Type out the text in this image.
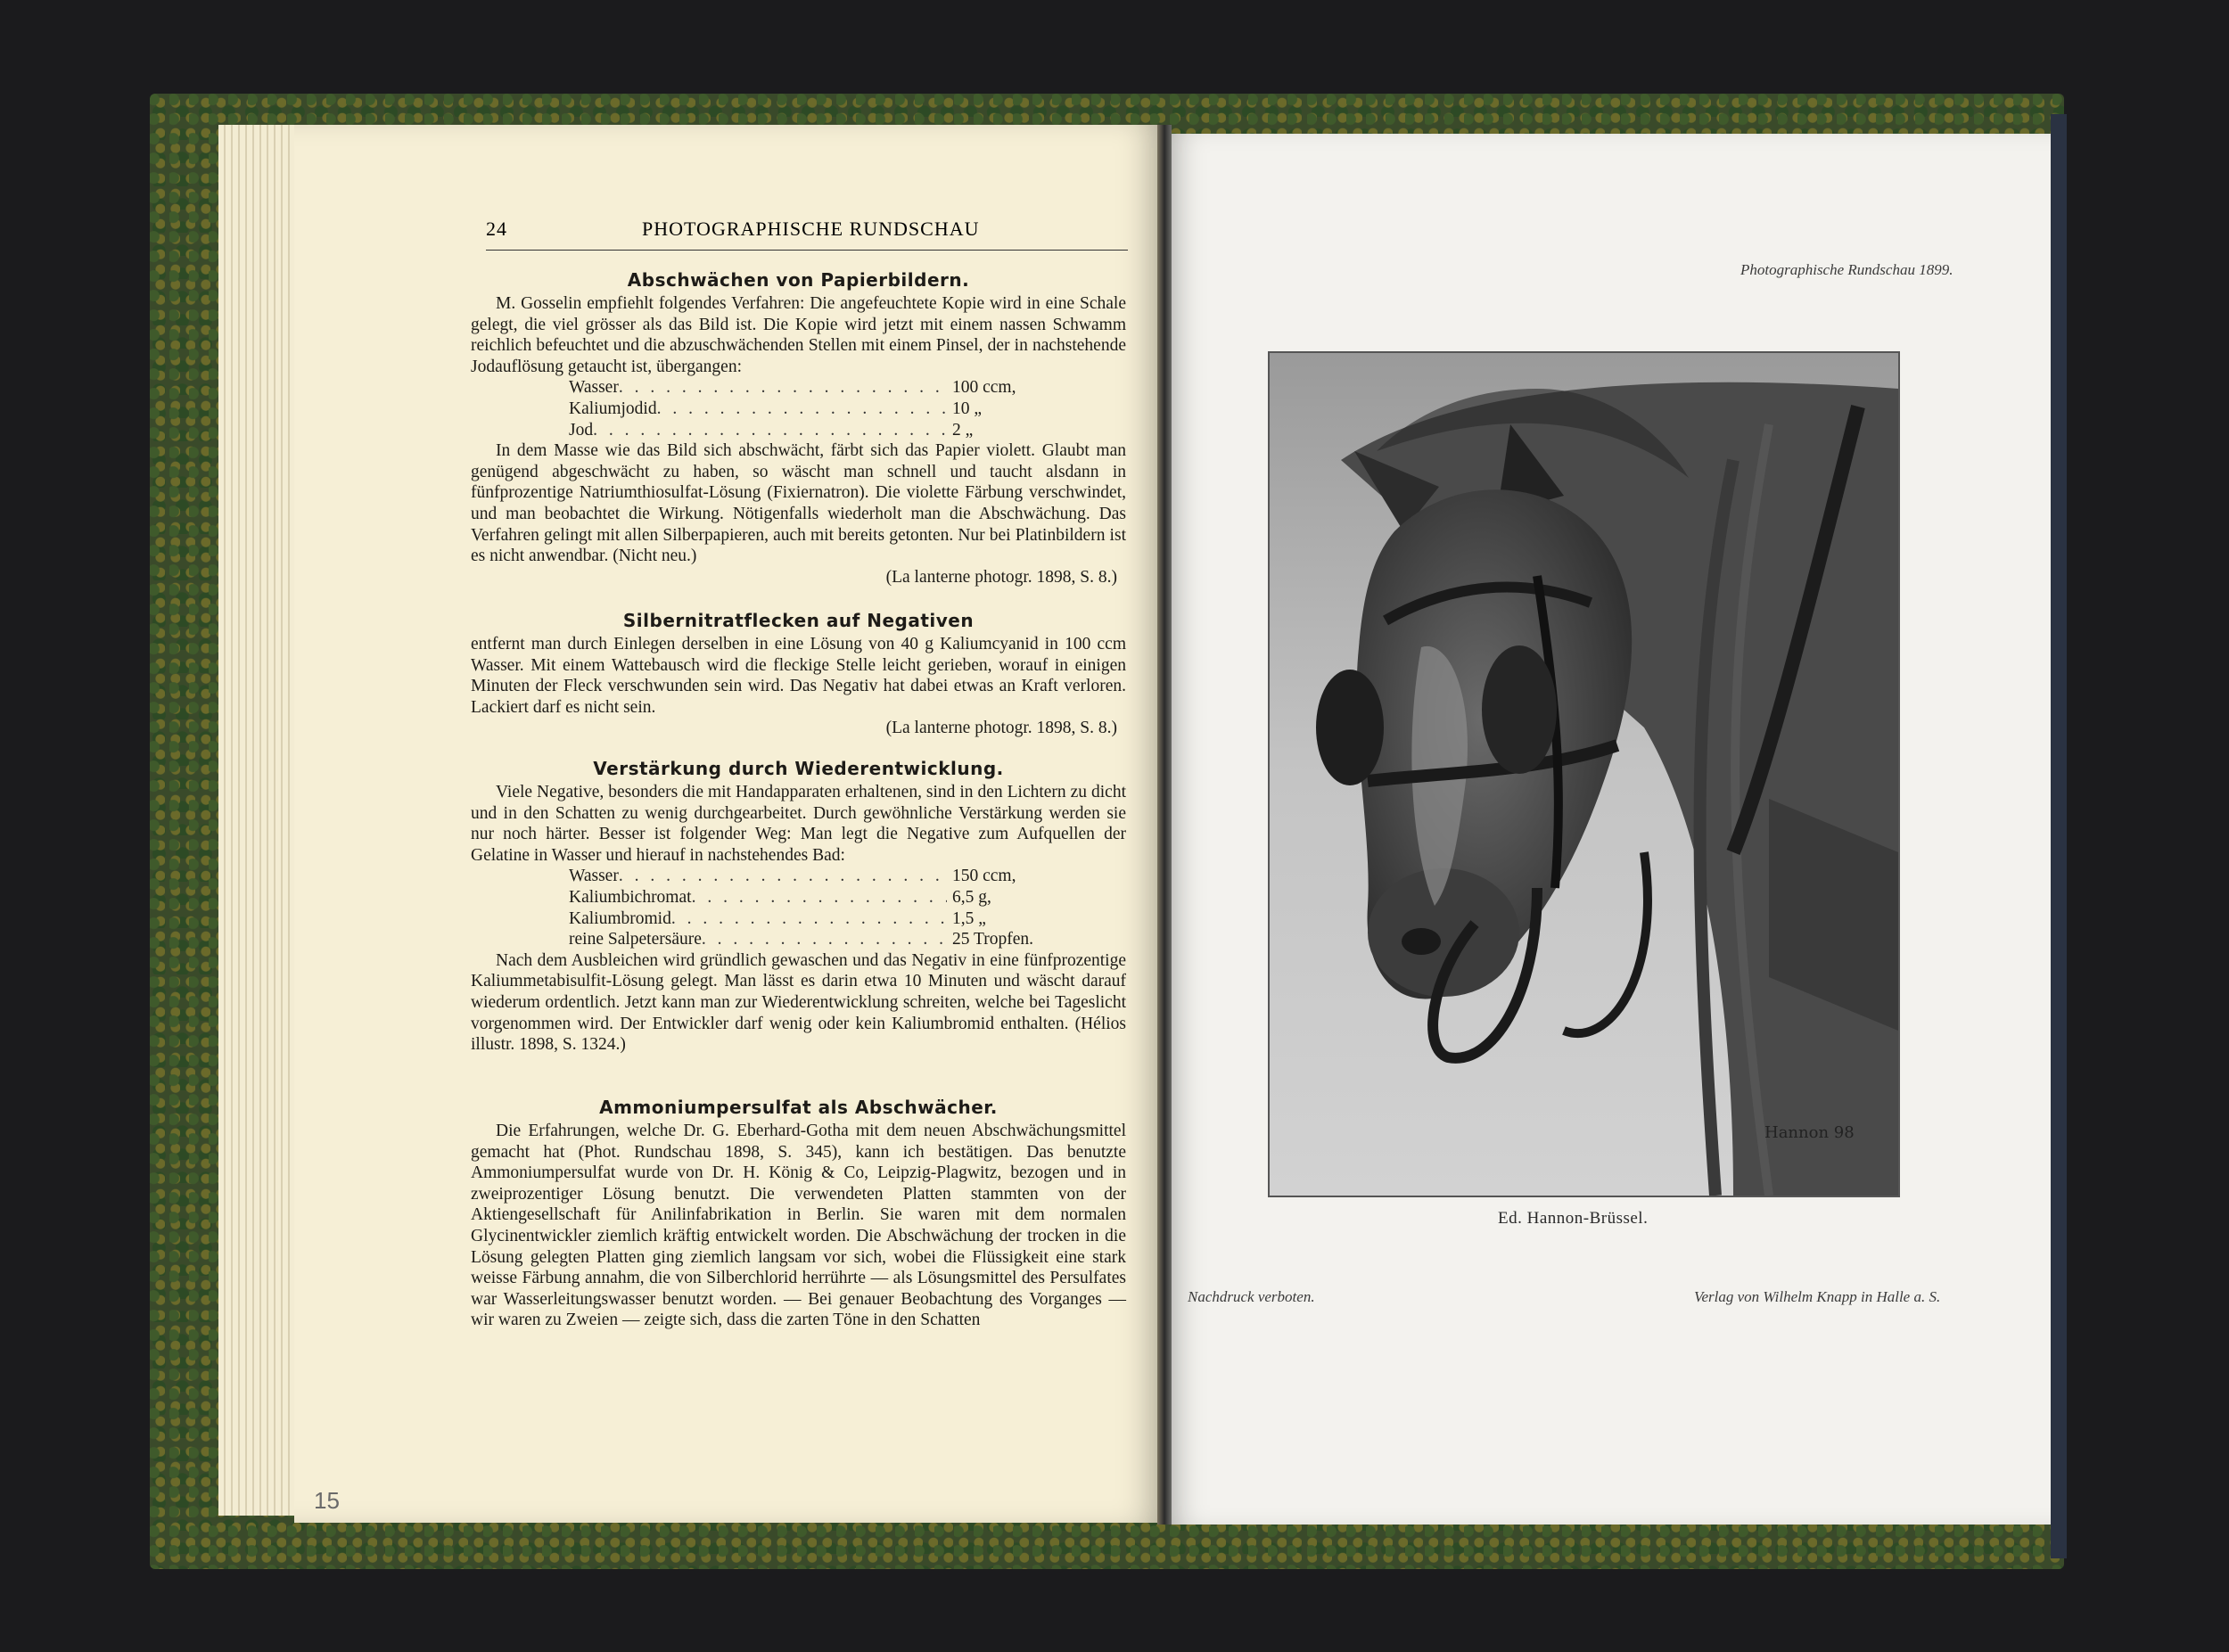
24	PHOTOGRAPHISCHE RUNDSCHAU
Abschwächen von Papierbildern.

M. Gosselin empfiehlt folgendes Verfahren: Die angefeuchtete Kopie wird in eine Schale gelegt, die viel grösser als das Bild ist. Die Kopie wird jetzt mit einem nassen Schwamm reichlich befeuchtet und die abzuschwächenden Stellen mit einem Pinsel, der in nachstehende Jodauflösung getaucht ist, übergangen:

Wasser . . .	100 ccm,
Kaliumjodid . . .	10 „
Jod . . .	2 „

In dem Masse wie das Bild sich abschwächt, färbt sich das Papier violett. Glaubt man genügend abgeschwächt zu haben, so wäscht man schnell und taucht alsdann in fünfprozentige Natriumthiosulfat-Lösung (Fixiernatron). Die violette Färbung verschwindet, und man beobachtet die Wirkung. Nötigenfalls wiederholt man die Abschwächung. Das Verfahren gelingt mit allen Silberpapieren, auch mit bereits getonten. Nur bei Platinbildern ist es nicht anwendbar. (Nicht neu.)

(La lanterne photogr. 1898, S. 8.)
Silbernitratflecken auf Negativen

entfernt man durch Einlegen derselben in eine Lösung von 40 g Kaliumcyanid in 100 ccm Wasser. Mit einem Wattebausch wird die fleckige Stelle leicht gerieben, worauf in einigen Minuten der Fleck verschwunden sein wird. Das Negativ hat dabei etwas an Kraft verloren. Lackiert darf es nicht sein.

(La lanterne photogr. 1898, S. 8.)
Verstärkung durch Wiederentwicklung.

Viele Negative, besonders die mit Handapparaten erhaltenen, sind in den Lichtern zu dicht und in den Schatten zu wenig durchgearbeitet. Durch gewöhnliche Verstärkung werden sie nur noch härter. Besser ist folgender Weg: Man legt die Negative zum Aufquellen der Gelatine in Wasser und hierauf in nachstehendes Bad:

Wasser . . .	150 ccm,
Kaliumbichromat . . .	6,5 g,
Kaliumbromid . . .	1,5 „
reine Salpetersäure . . .	25 Tropfen.

Nach dem Ausbleichen wird gründlich gewaschen und das Negativ in eine fünfprozentige Kaliummetabisulfit-Lösung gelegt. Man lässt es darin etwa 10 Minuten und wäscht darauf wiederum ordentlich. Jetzt kann man zur Wiederentwicklung schreiten, welche bei Tageslicht vorgenommen wird. Der Entwickler darf wenig oder kein Kaliumbromid enthalten. (Hélios illustr. 1898, S. 1324.)

Ammoniumpersulfat als Abschwächer.

Die Erfahrungen, welche Dr. G. Eberhard-Gotha mit dem neuen Abschwächungsmittel gemacht hat (Phot. Rundschau 1898, S. 345), kann ich bestätigen. Das benutzte Ammoniumpersulfat wurde von Dr. H. König & Co, Leipzig-Plagwitz, bezogen und in zweiprozentiger Lösung benutzt. Die verwendeten Platten stammten von der Aktiengesellschaft für Anilinfabrikation in Berlin. Sie waren mit dem normalen Glycinentwickler ziemlich kräftig entwickelt worden. Die Abschwächung der trocken in die Lösung gelegten Platten ging ziemlich langsam vor sich, wobei die Flüssigkeit eine stark weisse Färbung annahm, die von Silberchlorid herrührte — als Lösungsmittel des Persulfates war Wasserleitungswasser benutzt worden. — Bei genauer Beobachtung des Vorganges — wir waren zu Zweien — zeigte sich, dass die zarten Töne in den Schatten

15
Photographische Rundschau 1899.
Hannon 98
Ed. Hannon-Brüssel.
Nachdruck verboten.	Verlag von Wilhelm Knapp in Halle a. S.
